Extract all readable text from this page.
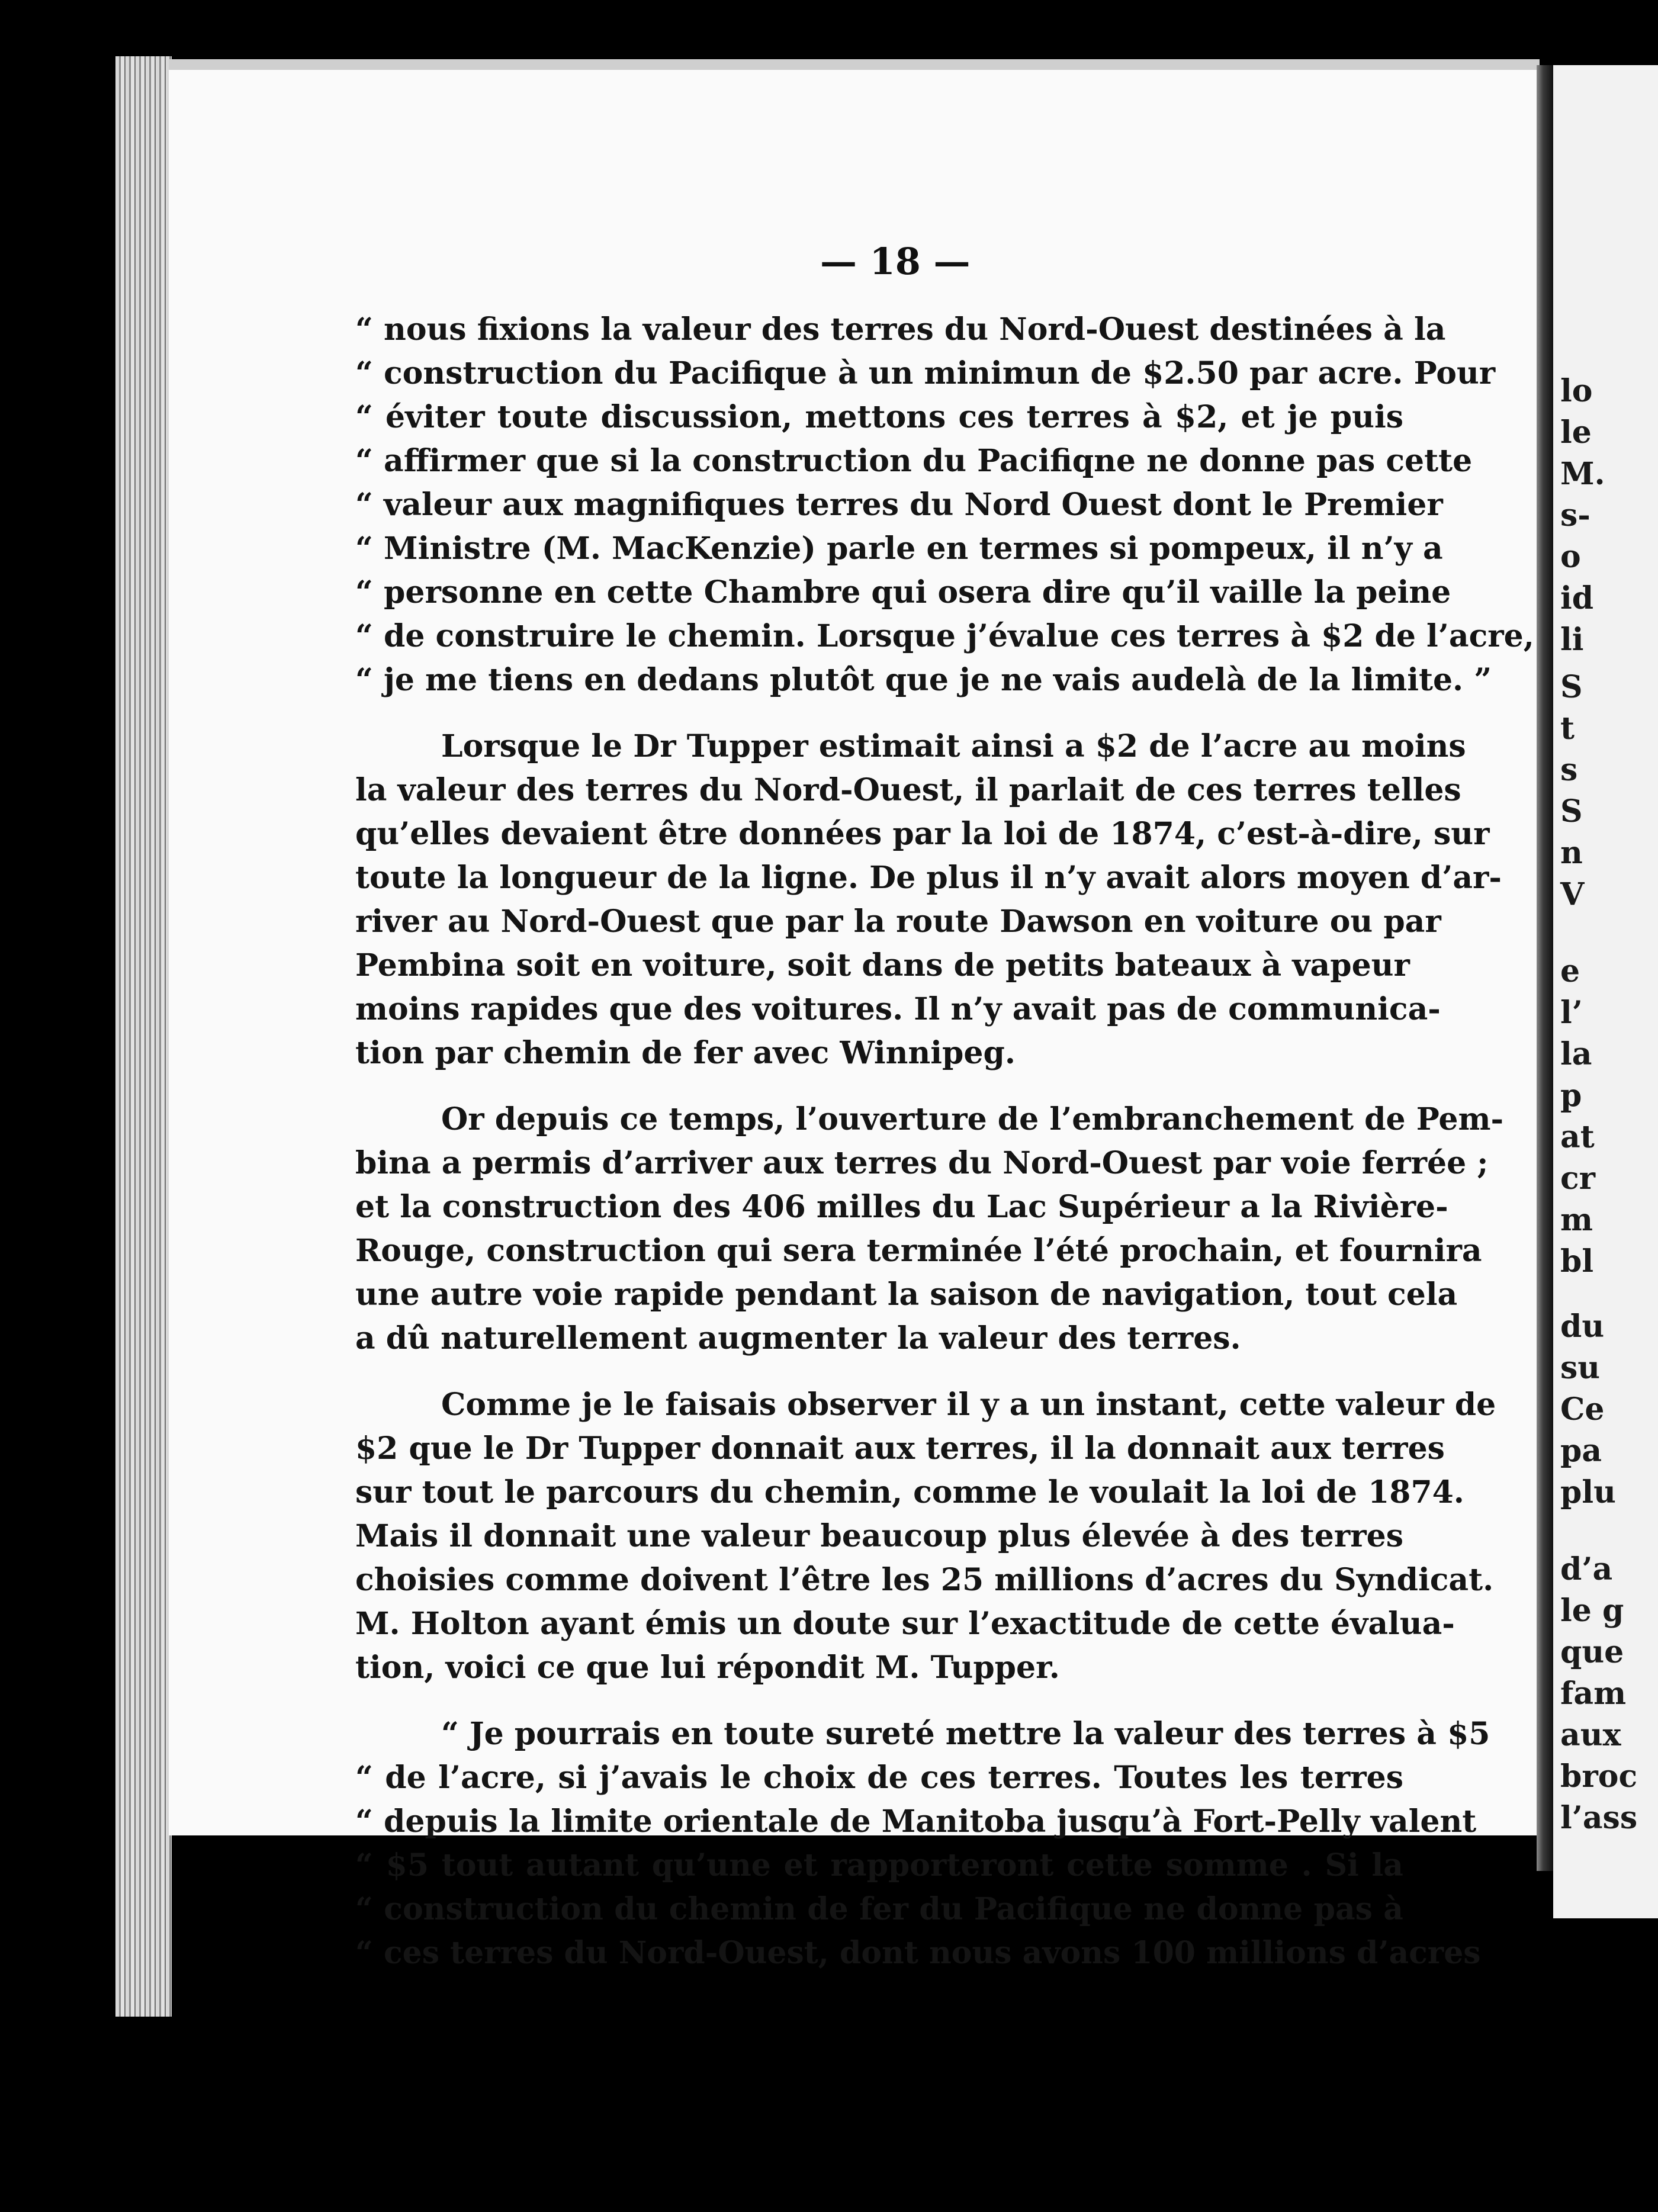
lo
le
M.
s-
o
id
li
S
t
s
S
n
V
e
l’
la
p
at
cr
m
bl
du
su
Ce
pa
plu
d’a
le g
que
fam
aux
broc
l’ass
— 18 —
“ nous fixions la valeur des terres du Nord-Ouest destinées à la
“ construction du Pacifique à un minimun de $2.50 par acre. Pour
“ éviter toute discussion, mettons ces terres à $2, et je puis
“ affirmer que si la construction du Pacifiqne ne donne pas cette
“ valeur aux magnifiques terres du Nord Ouest dont le Premier
“ Ministre (M. MacKenzie) parle en termes si pompeux, il n’y a
“ personne en cette Chambre qui osera dire qu’il vaille la peine
“ de construire le chemin. Lorsque j’évalue ces terres à $2 de l’acre,
“ je me tiens en dedans plutôt que je ne vais audelà de la limite. ”
Lorsque le Dr Tupper estimait ainsi a $2 de l’acre au moins
la valeur des terres du Nord-Ouest, il parlait de ces terres telles
qu’elles devaient être données par la loi de 1874, c’est-à-dire, sur
toute la longueur de la ligne. De plus il n’y avait alors moyen d’ar-
river au Nord-Ouest que par la route Dawson en voiture ou par
Pembina soit en voiture, soit dans de petits bateaux à vapeur
moins rapides que des voitures. Il n’y avait pas de communica-
tion par chemin de fer avec Winnipeg.
Or depuis ce temps, l’ouverture de l’embranchement de Pem-
bina a permis d’arriver aux terres du Nord-Ouest par voie ferrée ;
et la construction des 406 milles du Lac Supérieur a la Rivière-
Rouge, construction qui sera terminée l’été prochain, et fournira
une autre voie rapide pendant la saison de navigation, tout cela
a dû naturellement augmenter la valeur des terres.
Comme je le faisais observer il y a un instant, cette valeur de
$2 que le Dr Tupper donnait aux terres, il la donnait aux terres
sur tout le parcours du chemin, comme le voulait la loi de 1874.
Mais il donnait une valeur beaucoup plus élevée à des terres
choisies comme doivent l’être les 25 millions d’acres du Syndicat.
M. Holton ayant émis un doute sur l’exactitude de cette évalua-
tion, voici ce que lui répondit M. Tupper.
“ Je pourrais en toute sureté mettre la valeur des terres à $5
“ de l’acre, si j’avais le choix de ces terres. Toutes les terres
“ depuis la limite orientale de Manitoba jusqu’à Fort-Pelly valent
“ $5 tout autant qu’une et rapporteront cette somme . Si la
“ construction du chemin de fer du Pacifique ne donne pas à
“ ces terres du Nord-Ouest, dont nous avons 100 millions d’acres
